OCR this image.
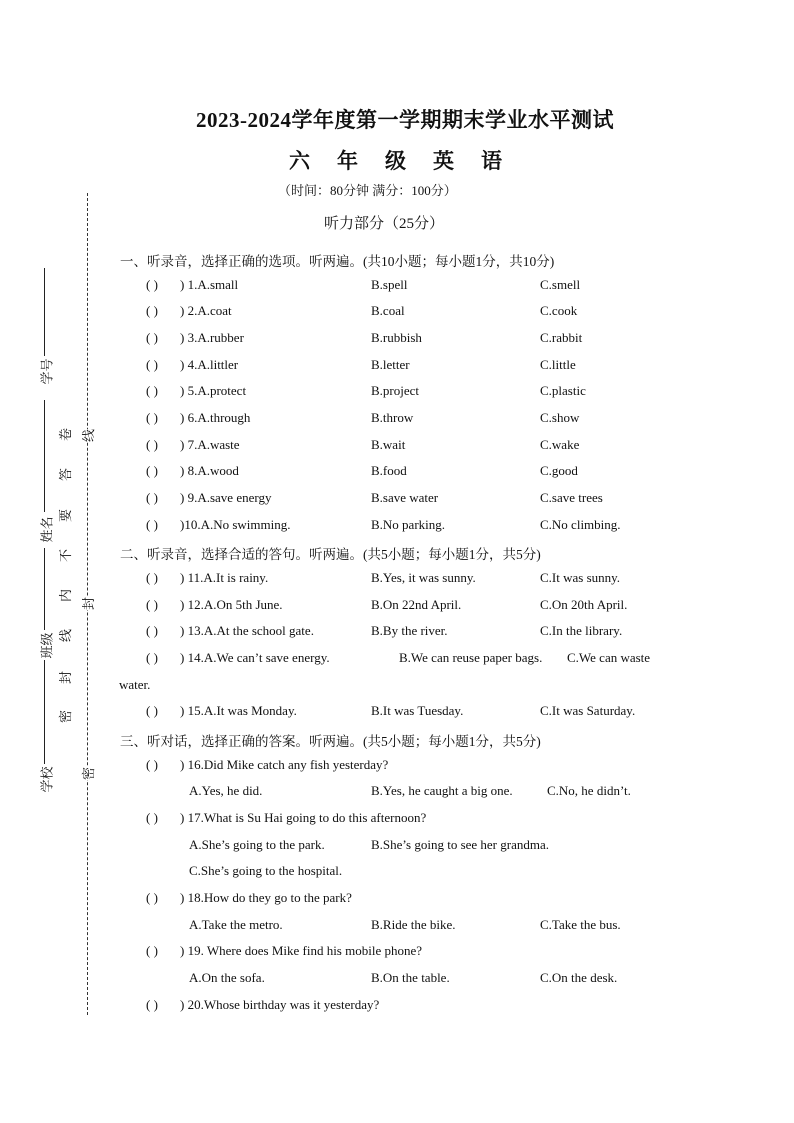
学号
姓名
班级
学校
卷
答
要
不
内
线
封
密
线
封
密
2023-2024学年度第一学期期末学业水平测试
六年级英语
（时间：80分钟 满分：100分）
听力部分（25分）
一、听录音，选择正确的选项。听两遍。(共10小题；每小题1分，共10分)
( ) ) 1.A.small	B.spell	C.smell
( ) ) 2.A.coat	B.coal	C.cook
( ) ) 3.A.rubber	B.rubbish	C.rabbit
( ) ) 4.A.littler	B.letter	C.little
( ) ) 5.A.protect	B.project	C.plastic
( ) ) 6.A.through	B.throw	C.show
( ) ) 7.A.waste	B.wait	C.wake
( ) ) 8.A.wood	B.food	C.good
( ) ) 9.A.save energy	B.save water	C.save trees
( ) )10.A.No swimming.	B.No parking.	C.No climbing.
二、听录音，选择合适的答句。听两遍。(共5小题；每小题1分，共5分)
( ) ) 11.A.It is rainy.	B.Yes, it was sunny.	C.It was sunny.
( ) ) 12.A.On 5th June.	B.On 22nd April.	C.On 20th April.
( ) ) 13.A.At the school gate.	B.By the river.	C.In the library.
( ) ) 14.A.We can’t save energy.	B.We can reuse paper bags. C.We can waste
water.
( ) ) 15.A.It was Monday.	B.It was Tuesday.	C.It was Saturday.
三、听对话，选择正确的答案。听两遍。(共5小题；每小题1分，共5分)
( ) ) 16.Did Mike catch any fish yesterday?
A.Yes, he did.	B.Yes, he caught a big one.	C.No, he didn’t.
( ) ) 17.What is Su Hai going to do this afternoon?
A.She’s going to the park.	B.She’s going to see her grandma.
C.She’s going to the hospital.
( ) ) 18.How do they go to the park?
A.Take the metro.	B.Ride the bike.	C.Take the bus.
( ) ) 19. Where does Mike find his mobile phone?
A.On the sofa.	B.On the table.	C.On the desk.
( ) ) 20.Whose birthday was it yesterday?
